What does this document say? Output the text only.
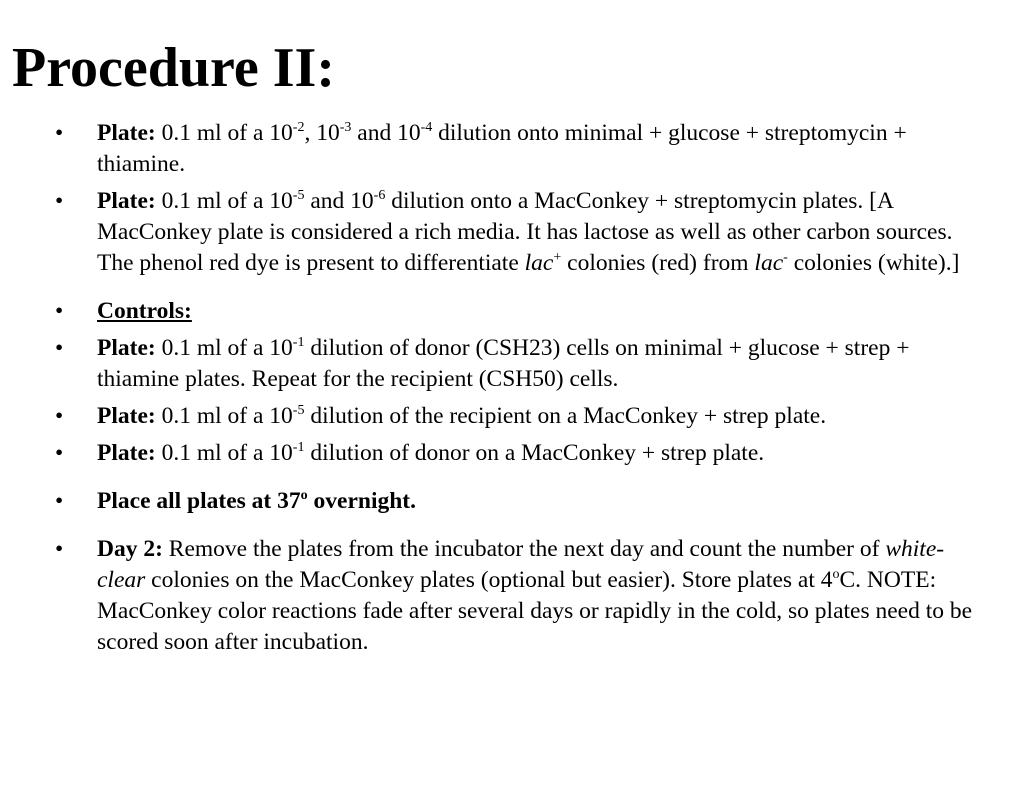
Procedure II:
• Plate: 0.1 ml of a $10^{-2}$, $10^{-3}$ and $10^{-4}$ dilution onto minimal + glucose + streptomycin + thiamine.
• Plate: 0.1 ml of a $10^{-5}$ and $10^{-6}$ dilution onto a MacConkey + streptomycin plates. [A MacConkey plate is considered a rich media. It has lactose as well as other carbon sources. The phenol red dye is present to differentiate lac+ colonies (red) from lac- colonies (white).]
• Controls:
• Plate: 0.1 ml of a $10^{-1}$ dilution of donor (CSH23) cells on minimal + glucose + strep + thiamine plates. Repeat for the recipient (CSH50) cells.
• Plate: 0.1 ml of a $10^{-5}$ dilution of the recipient on a MacConkey + strep plate.
• Plate: 0.1 ml of a $10^{-1}$ dilution of donor on a MacConkey + strep plate.
• Place all plates at 37$^o$ overnight.
• Day 2: Remove the plates from the incubator the next day and count the number of white-clear colonies on the MacConkey plates (optional but easier). Store plates at 4$^o$C. NOTE: MacConkey color reactions fade after several days or rapidly in the cold, so plates need to be scored soon after incubation.
